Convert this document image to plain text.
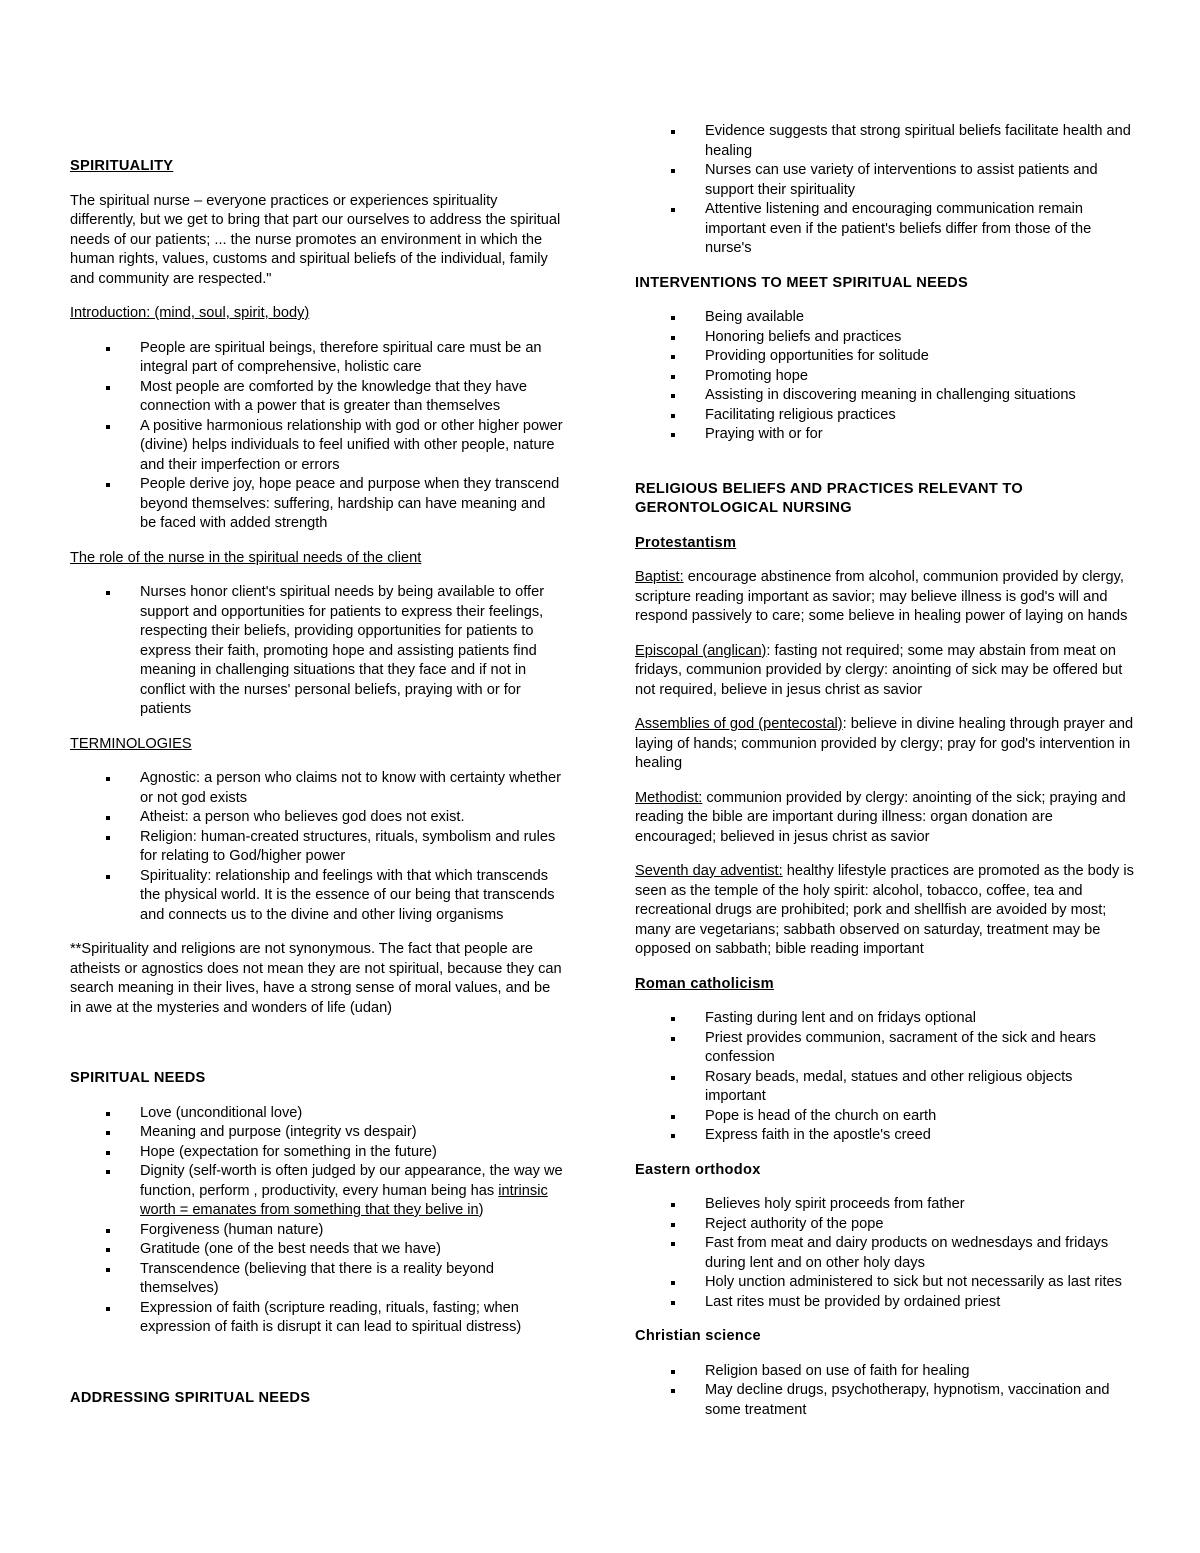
SPIRITUALITY

The spiritual nurse – everyone practices or experiences spirituality differently, but we get to bring that part our ourselves to address the spiritual needs of our patients; ... the nurse promotes an environment in which the human rights, values, customs and spiritual beliefs of the individual, family and community are respected."

Introduction: (mind, soul, spirit, body)
People are spiritual beings, therefore spiritual care must be an integral part of comprehensive, holistic care
Most people are comforted by the knowledge that they have connection with a power that is greater than themselves
A positive harmonious relationship with god or other higher power (divine) helps individuals to feel unified with other people, nature and their imperfection or errors
People derive joy, hope peace and purpose when they transcend beyond themselves: suffering, hardship can have meaning and be faced with added strength
The role of the nurse in the spiritual needs of the client
Nurses honor client's spiritual needs by being available to offer support and opportunities for patients to express their feelings, respecting their beliefs, providing opportunities for patients to express their faith, promoting hope and assisting patients find meaning in challenging situations that they face and if not in conflict with the nurses' personal beliefs, praying with or for patients
TERMINOLOGIES
Agnostic: a person who claims not to know with certainty whether or not god exists
Atheist: a person who believes god does not exist.
Religion: human-created structures, rituals, symbolism and rules for relating to God/higher power
Spirituality: relationship and feelings with that which transcends the physical world. It is the essence of our being that transcends and connects us to the divine and other living organisms

**Spirituality and religions are not synonymous. The fact that people are atheists or agnostics does not mean they are not spiritual, because they can search meaning in their lives, have a strong sense of moral values, and be in awe at the mysteries and wonders of life (udan)

SPIRITUAL NEEDS
Love (unconditional love)
Meaning and purpose (integrity vs despair)
Hope (expectation for something in the future)
Dignity (self-worth is often judged by our appearance, the way we function, perform , productivity, every human being has intrinsic worth = emanates from something that they belive in)
Forgiveness (human nature)
Gratitude (one of the best needs that we have)
Transcendence (believing that there is a reality beyond themselves)
Expression of faith (scripture reading, rituals, fasting; when expression of faith is disrupt it can lead to spiritual distress)
ADDRESSING SPIRITUAL NEEDS
Evidence suggests that strong spiritual beliefs facilitate health and healing
Nurses can use variety of interventions to assist patients and support their spirituality
Attentive listening and encouraging communication remain important even if the patient's beliefs differ from those of the nurse's
INTERVENTIONS TO MEET SPIRITUAL NEEDS
Being available
Honoring beliefs and practices
Providing opportunities for solitude
Promoting hope
Assisting in discovering meaning in challenging situations
Facilitating religious practices
Praying with or for
RELIGIOUS BELIEFS AND PRACTICES RELEVANT TO GERONTOLOGICAL NURSING
Protestantism

Baptist: encourage abstinence from alcohol, communion provided by clergy, scripture reading important as savior; may believe illness is god's will and respond passively to care; some believe in healing power of laying on hands

Episcopal (anglican): fasting not required; some may abstain from meat on fridays, communion provided by clergy: anointing of sick may be offered but not required, believe in jesus christ as savior

Assemblies of god (pentecostal): believe in divine healing through prayer and laying of hands; communion provided by clergy; pray for god's intervention in healing

Methodist: communion provided by clergy: anointing of the sick; praying and reading the bible are important during illness: organ donation are encouraged; believed in jesus christ as savior

Seventh day adventist: healthy lifestyle practices are promoted as the body is seen as the temple of the holy spirit: alcohol, tobacco, coffee, tea and recreational drugs are prohibited; pork and shellfish are avoided by most; many are vegetarians; sabbath observed on saturday, treatment may be opposed on sabbath; bible reading important

Roman catholicism
Fasting during lent and on fridays optional
Priest provides communion, sacrament of the sick and hears confession
Rosary beads, medal, statues and other religious objects important
Pope is head of the church on earth
Express faith in the apostle's creed
Eastern orthodox
Believes holy spirit proceeds from father
Reject authority of the pope
Fast from meat and dairy products on wednesdays and fridays during lent and on other holy days
Holy unction administered to sick but not necessarily as last rites
Last rites must be provided by ordained priest
Christian science
Religion based on use of faith for healing
May decline drugs, psychotherapy, hypnotism, vaccination and some treatment
